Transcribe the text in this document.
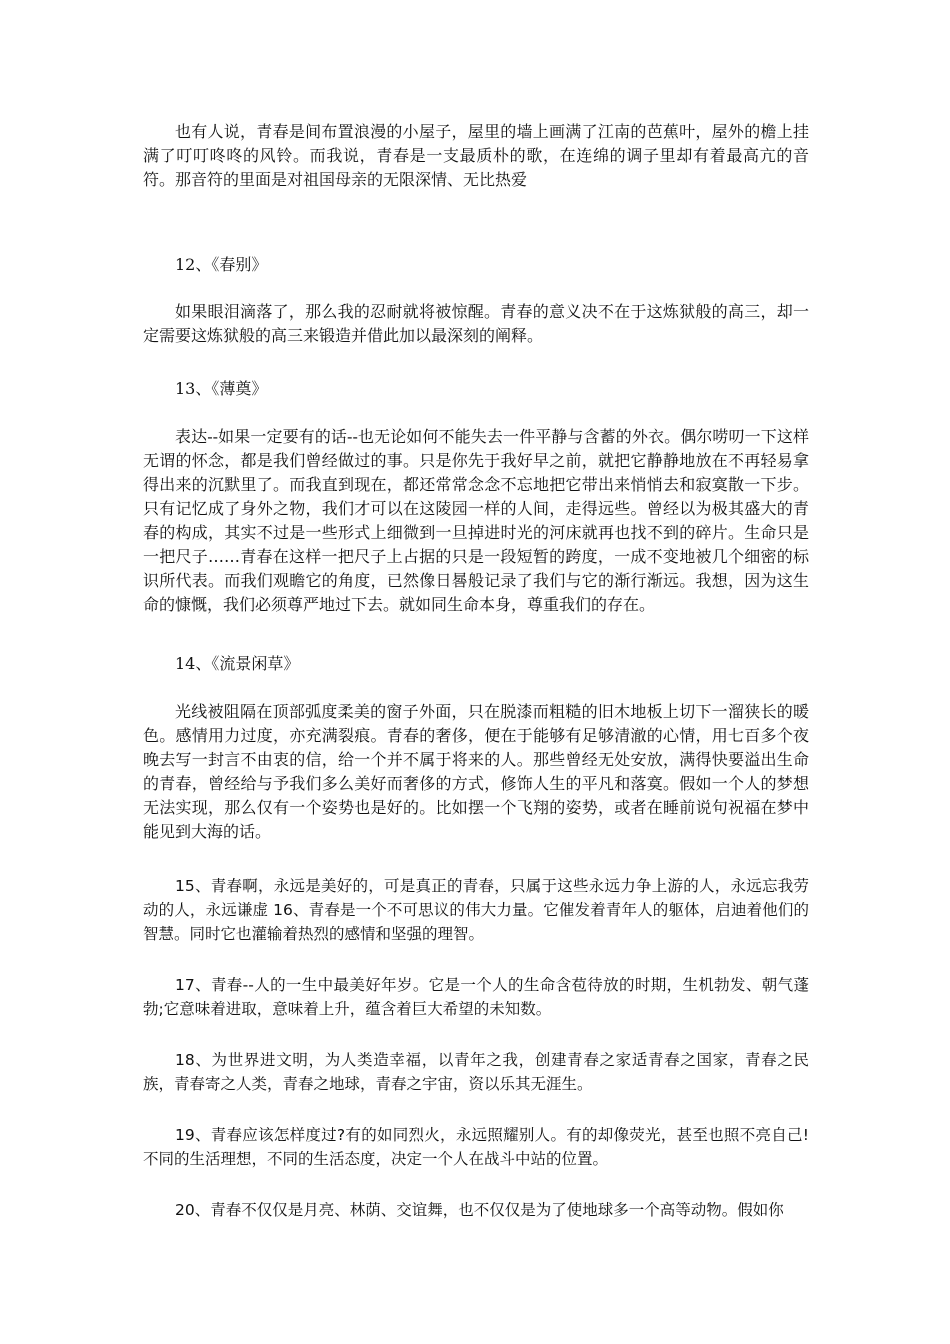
也有人说，青春是间布置浪漫的小屋子，屋里的墙上画满了江南的芭蕉叶，屋外的檐上挂满了叮叮咚咚的风铃。而我说，青春是一支最质朴的歌，在连绵的调子里却有着最高亢的音符。那音符的里面是对祖国母亲的无限深情、无比热爱

12、《春别》

如果眼泪滴落了，那么我的忍耐就将被惊醒。青春的意义决不在于这炼狱般的高三，却一定需要这炼狱般的高三来锻造并借此加以最深刻的阐释。

13、《薄奠》

表达--如果一定要有的话--也无论如何不能失去一件平静与含蓄的外衣。偶尔唠叨一下这样无谓的怀念，都是我们曾经做过的事。只是你先于我好早之前，就把它静静地放在不再轻易拿得出来的沉默里了。而我直到现在，都还常常念念不忘地把它带出来悄悄去和寂寞散一下步。只有记忆成了身外之物，我们才可以在这陵园一样的人间，走得远些。曾经以为极其盛大的青春的构成，其实不过是一些形式上细微到一旦掉进时光的河床就再也找不到的碎片。生命只是一把尺子……青春在这样一把尺子上占据的只是一段短暂的跨度，一成不变地被几个细密的标识所代表。而我们观瞻它的角度，已然像日晷般记录了我们与它的渐行渐远。我想，因为这生命的慷慨，我们必须尊严地过下去。就如同生命本身，尊重我们的存在。

14、《流景闲草》

光线被阻隔在顶部弧度柔美的窗子外面，只在脱漆而粗糙的旧木地板上切下一溜狭长的暖色。感情用力过度，亦充满裂痕。青春的奢侈，便在于能够有足够清澈的心情，用七百多个夜晚去写一封言不由衷的信，给一个并不属于将来的人。那些曾经无处安放，满得快要溢出生命的青春，曾经给与予我们多么美好而奢侈的方式，修饰人生的平凡和落寞。假如一个人的梦想无法实现，那么仅有一个姿势也是好的。比如摆一个飞翔的姿势，或者在睡前说句祝福在梦中能见到大海的话。

15、青春啊，永远是美好的，可是真正的青春，只属于这些永远力争上游的人，永远忘我劳动的人，永远谦虚 16、青春是一个不可思议的伟大力量。它催发着青年人的躯体，启迪着他们的智慧。同时它也灌输着热烈的感情和坚强的理智。

17、青春--人的一生中最美好年岁。它是一个人的生命含苞待放的时期，生机勃发、朝气蓬勃;它意味着进取，意味着上升，蕴含着巨大希望的未知数。

18、为世界进文明，为人类造幸福，以青年之我，创建青春之家适青春之国家，青春之民族，青春寄之人类，青春之地球，青春之宇宙，资以乐其无涯生。

19、青春应该怎样度过?有的如同烈火，永远照耀别人。有的却像荧光，甚至也照不亮自己!不同的生活理想，不同的生活态度，决定一个人在战斗中站的位置。

20、青春不仅仅是月亮、林荫、交谊舞，也不仅仅是为了使地球多一个高等动物。假如你
